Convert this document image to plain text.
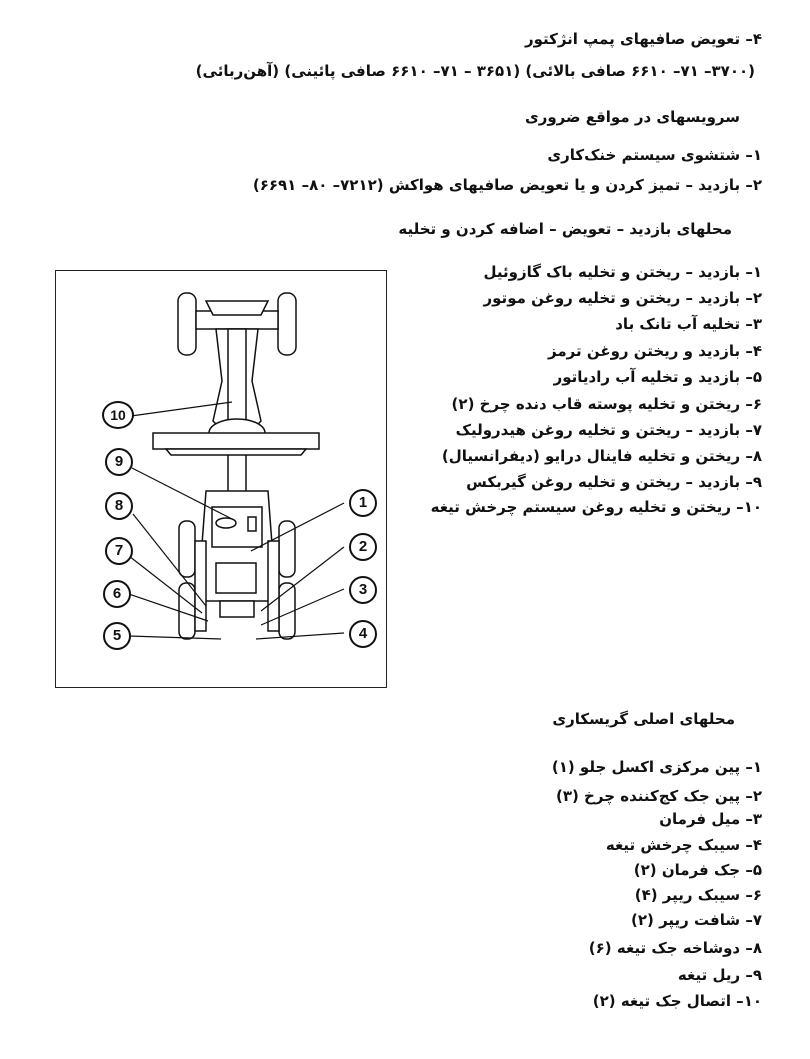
۴– تعویض صافیهای پمپ انژکتور
(۳۷۰۰– ۷۱– ۶۶۱۰ صافی بالائی) (۳۶۵۱ – ۷۱– ۶۶۱۰ صافی پائینی) (آهن‌ربائی)
سرویسهای در مواقع ضروری
۱– شتشوی سیستم خنک‌کاری
۲– بازدید – تمیز کردن و یا تعویض صافیهای هواکش (۷۲۱۲– ۸۰– ۶۶۹۱)
محلهای بازدید – تعویض – اضافه کردن و تخلیه
۱– بازدید – ریختن و تخلیه باک گازوئیل
۲– بازدید – ریختن و تخلیه روغن موتور
۳– تخلیه آب تانک باد
۴– بازدید و ریختن روغن ترمز
۵– بازدید و تخلیه آب رادیاتور
۶– ریختن و تخلیه پوسته قاب دنده چرخ (۲)
۷– بازدید – ریختن و تخلیه روغن هیدرولیک
۸– ریختن و تخلیه فاینال درایو (دیفرانسیال)
۹– بازدید – ریختن و تخلیه روغن گیربکس
۱۰– ریختن و تخلیه روغن سیستم چرخش تیغه
1
2
3
4
5
6
7
8
9
10
محلهای اصلی گریسکاری
۱– پین مرکزی اکسل جلو (۱)
۲– پین جک کج‌کننده چرخ (۳)
۳– میل فرمان
۴– سیبک چرخش تیغه
۵– جک فرمان (۲)
۶– سیبک ریپر (۴)
۷– شافت ریپر (۲)
۸– دوشاخه جک تیغه (۶)
۹– ریل تیغه
۱۰– اتصال جک تیغه (۲)
